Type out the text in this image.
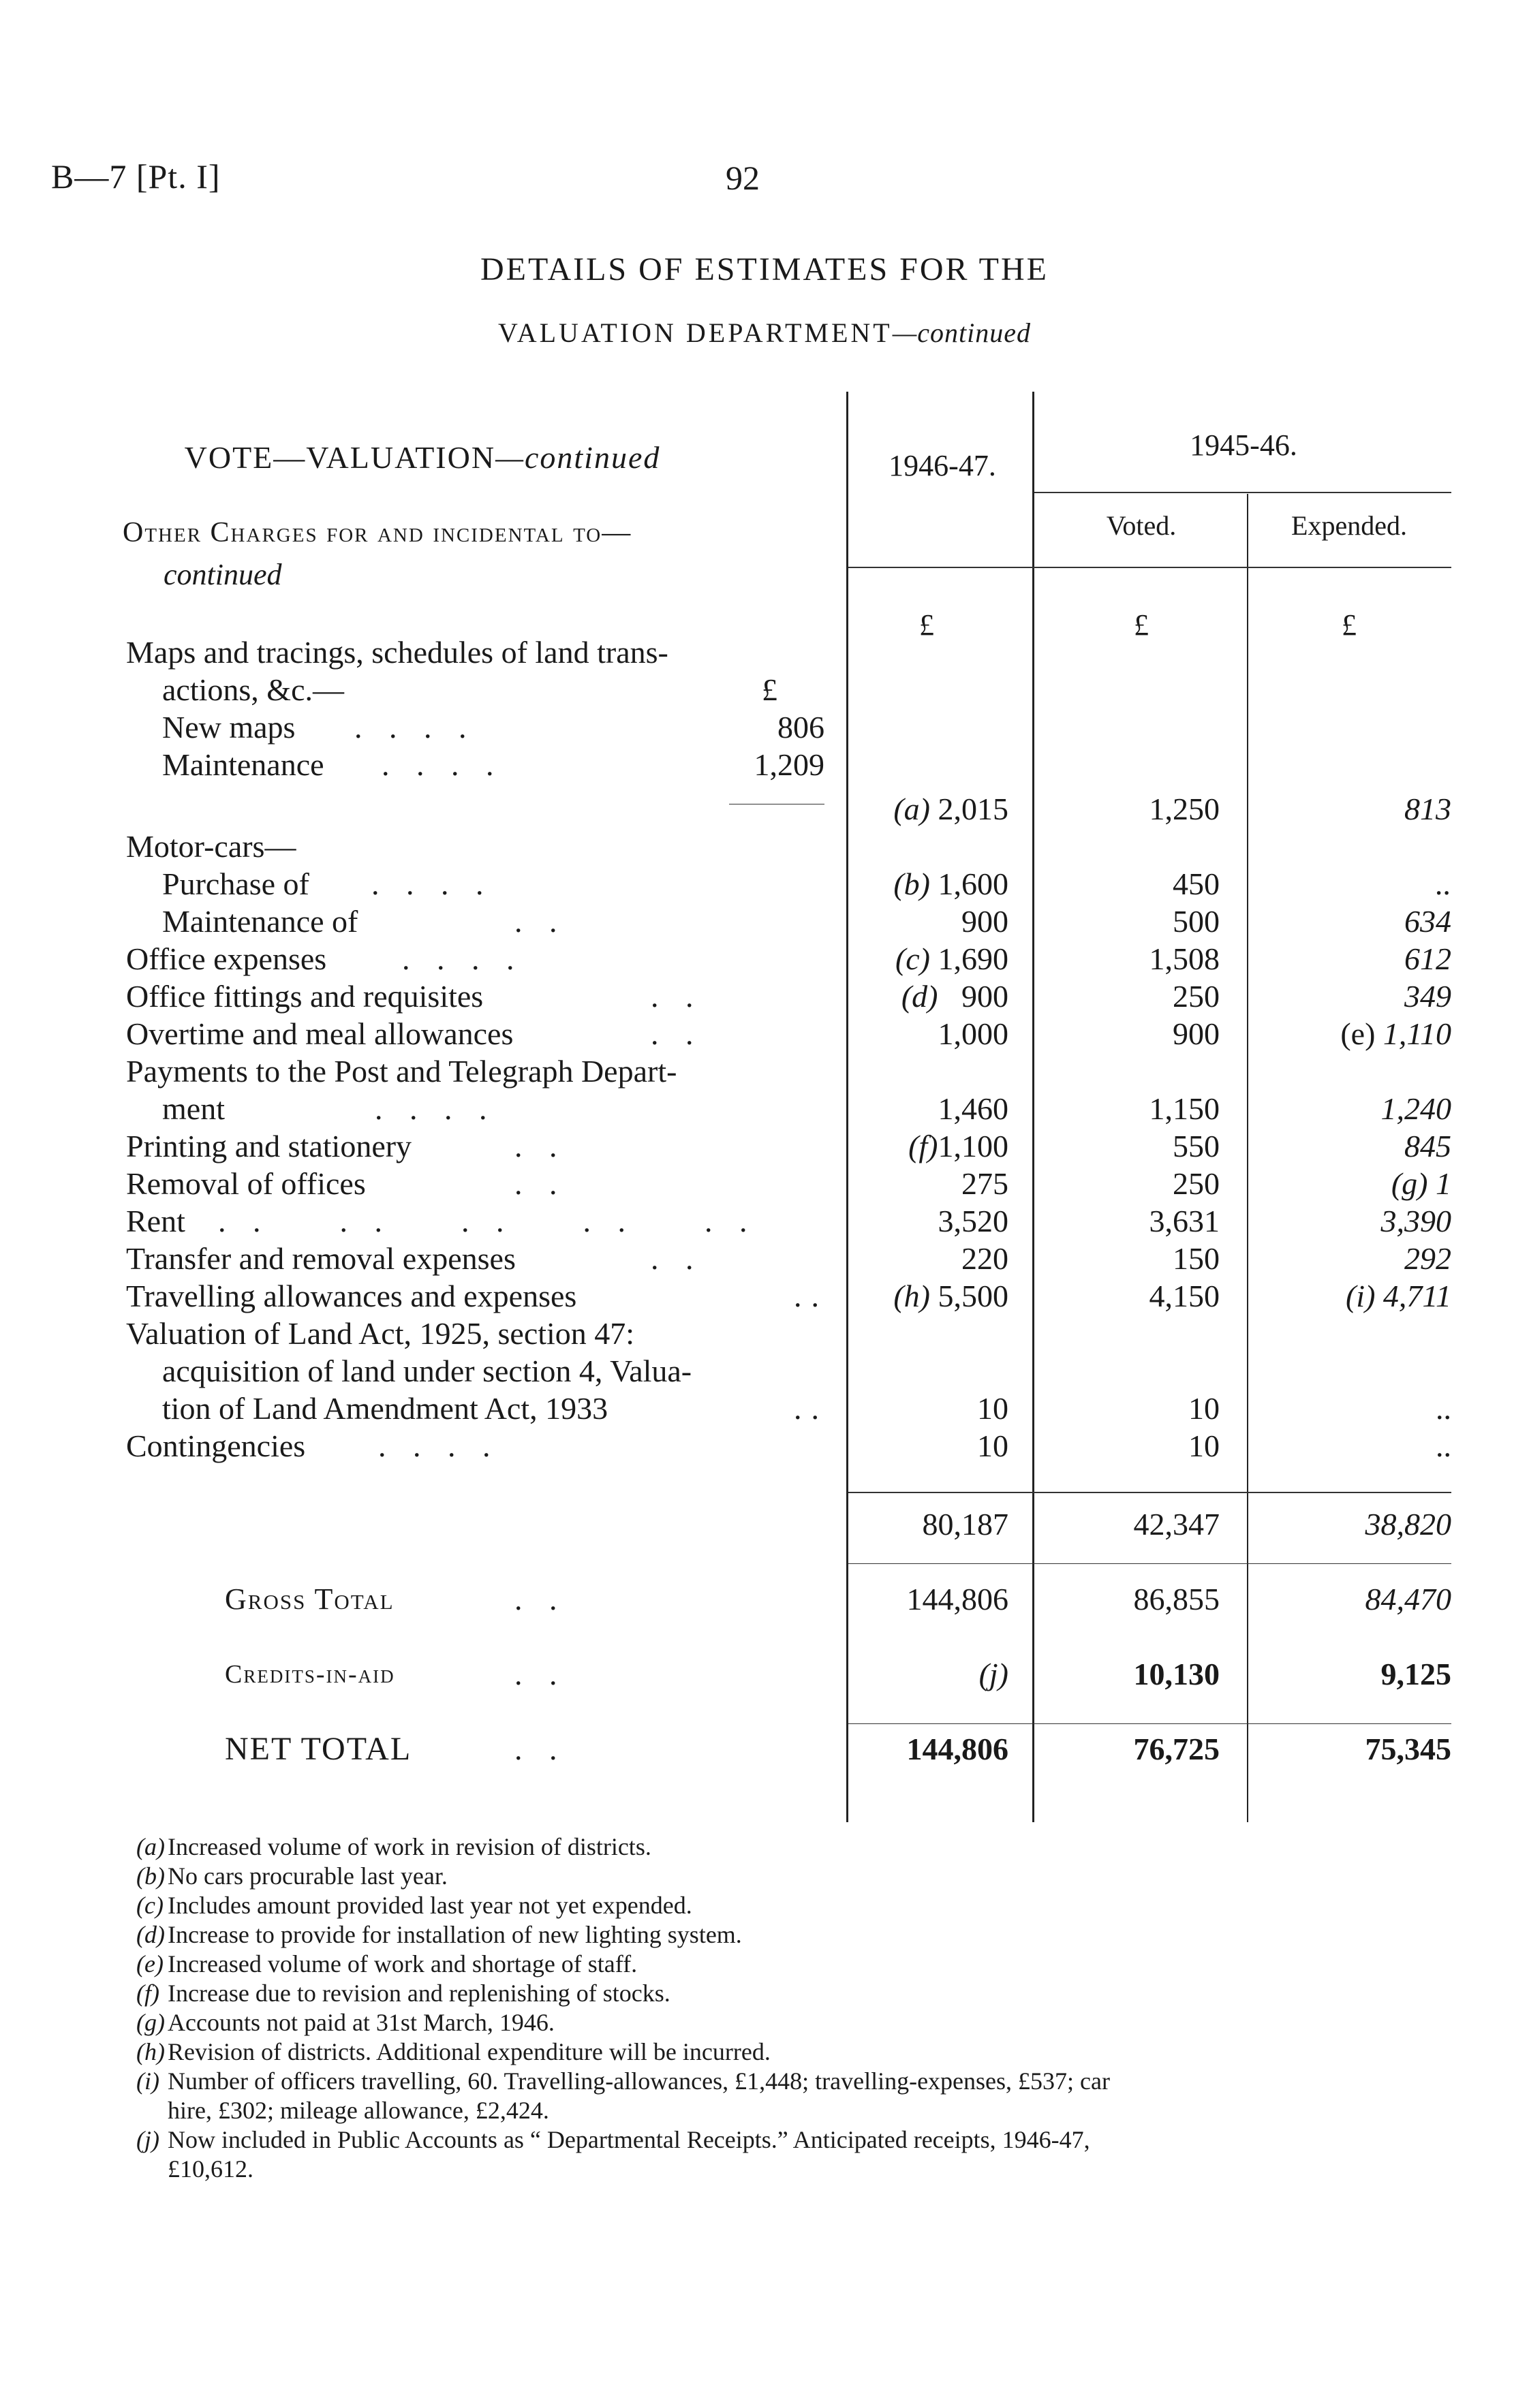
B—7 [Pt. I]	92
DETAILS OF ESTIMATES FOR THE
VALUATION DEPARTMENT—continued
VOTE—VALUATION—continued
Other Charges for and incidental to—
continued
1946-47.
1945-46.
Voted.	Expended.
£	£	£
Maps and tracings, schedules of land trans-
actions, &c.—	£
New maps . . . .	806
Maintenance . . . .	1,209
(a) 2,015	1,250	813
Motor-cars—
Purchase of . . . .	(b) 1,600	450	..
Maintenance of	. .	900	500	634
Office expenses . . . .	(c) 1,690	1,508	612
Office fittings and requisites	. .	(d) 900	250	349
Overtime and meal allowances	. .	1,000	900	(e) 1,110
Payments to the Post and Telegraph Depart-
ment	. . . .	1,460	1,150	1,240
Printing and stationery	. .	(f)1,100	550	845
Removal of offices	. .	275	250	(g) 1
Rent . .    . .    . .    . .    . .	3,520	3,631	3,390
Transfer and removal expenses	. .	220	150	292
Travelling allowances and expenses	..	(h) 5,500	4,150	(i) 4,711
Valuation of Land Act, 1925, section 47:
acquisition of land under section 4, Valua-
tion of Land Amendment Act, 1933	..	10	10	..
Contingencies . . . .	10	10	..
80,187	42,347	38,820
Gross Total	. .	144,806	86,855	84,470
Credits-in-aid	. .	(j)	10,130	9,125
NET TOTAL	. .	144,806	76,725	75,345
(a) Increased volume of work in revision of districts.
(b) No cars procurable last year.
(c) Includes amount provided last year not yet expended.
(d) Increase to provide for installation of new lighting system.
(e) Increased volume of work and shortage of staff.
(f) Increase due to revision and replenishing of stocks.
(g) Accounts not paid at 31st March, 1946.
(h) Revision of districts. Additional expenditure will be incurred.
(i) Number of officers travelling, 60. Travelling-allowances, £1,448; travelling-expenses, £537; car
hire, £302; mileage allowance, £2,424.
(j) Now included in Public Accounts as “ Departmental Receipts.” Anticipated receipts, 1946-47,
£10,612.
